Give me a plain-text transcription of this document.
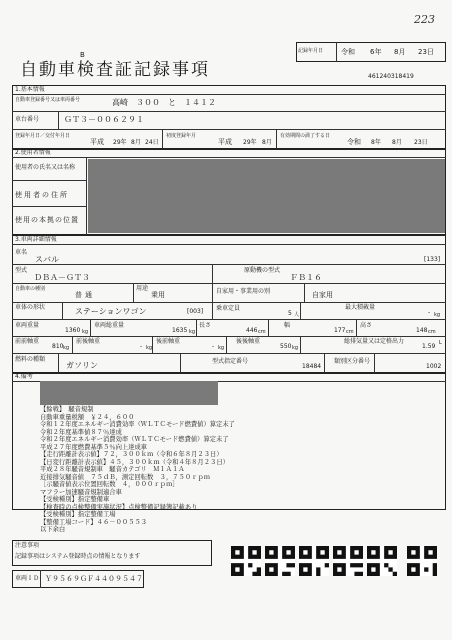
223
記録年月日	令和 6年 8月 23日
B
自動車検査証記録事項	461240318419
1.基本情報
自動車登録番号又は車両番号	高崎　３００　と　１４１２
車台番号	ＧＴ３－００６２９１
登録年月日／交付年月日
平成 29年 8月 24日
初度登録年月
平成 29年 8月
有効期間の満了する日
令和 8年 8月 23日
2.使用者情報
使用者の氏名又は名称
使用者の住所
使用の本拠の位置
3.車両詳細情報
車名
スバル	[133]
型式
ＤＢＡ－ＧＴ３
原動機の型式
ＦＢ１６
自動車の種別
普通
用途
乗用	自家用・事業用の別	自家用
車体の形状	ステーションワゴン	[003] 乗車定員
5 人
最大積載量
- kg
車両重量
1360 kg
車両総重量
1635 kg
長さ
446 cm
幅
177 cm
高さ
148 cm
前前軸重
810 kg
前後軸重
- kg
後前軸重
- kg
後後軸重
550 kg
総排気量又は定格出力
1.59 L
燃料の種類
ガソリン	型式指定番号
18484
類別区分番号
1002
4.備考
【餘戦】　騒音規制
自動車重量税額　￥２４，６００
令和１２年度エネルギー消費効率（ＷＬＴＣモード燃費値）算定未了
令和２年度基準値８７％達成
令和２年度エネルギー消費効率（ＷＬＴＣモード燃費値）算定未了
平成２７年度燃費基準５％向上達成車
【走行距離計表示値】７２，３００ｋｍ（令和６年８月２３日）
【日変行距離計表示値】４５，３００ｋｍ（令和４年８月２３日）
平成２８年騒音規制車　騒音カテゴリ　Ｍ１Ａ１Ａ
近接排気騒音値　７５ｄＢ，測定回転数　３，７５０ｒｐｍ
［示騒音値表示位置回転数　４，０００ｒｐｍ］
マフラー加速騒音規制適合車
【受検種別】指定整備車
【検査時の点検整備実施状況】点検整備記録簿記載あり
【受検種別】指定整備工場
【整備工場コード】４６－００５５３
以下余白
注意事項
記録事項はシステム登録時点の情報となります
車両ＩＤ Ｙ９５６９ＧＦ４４０９５４７
